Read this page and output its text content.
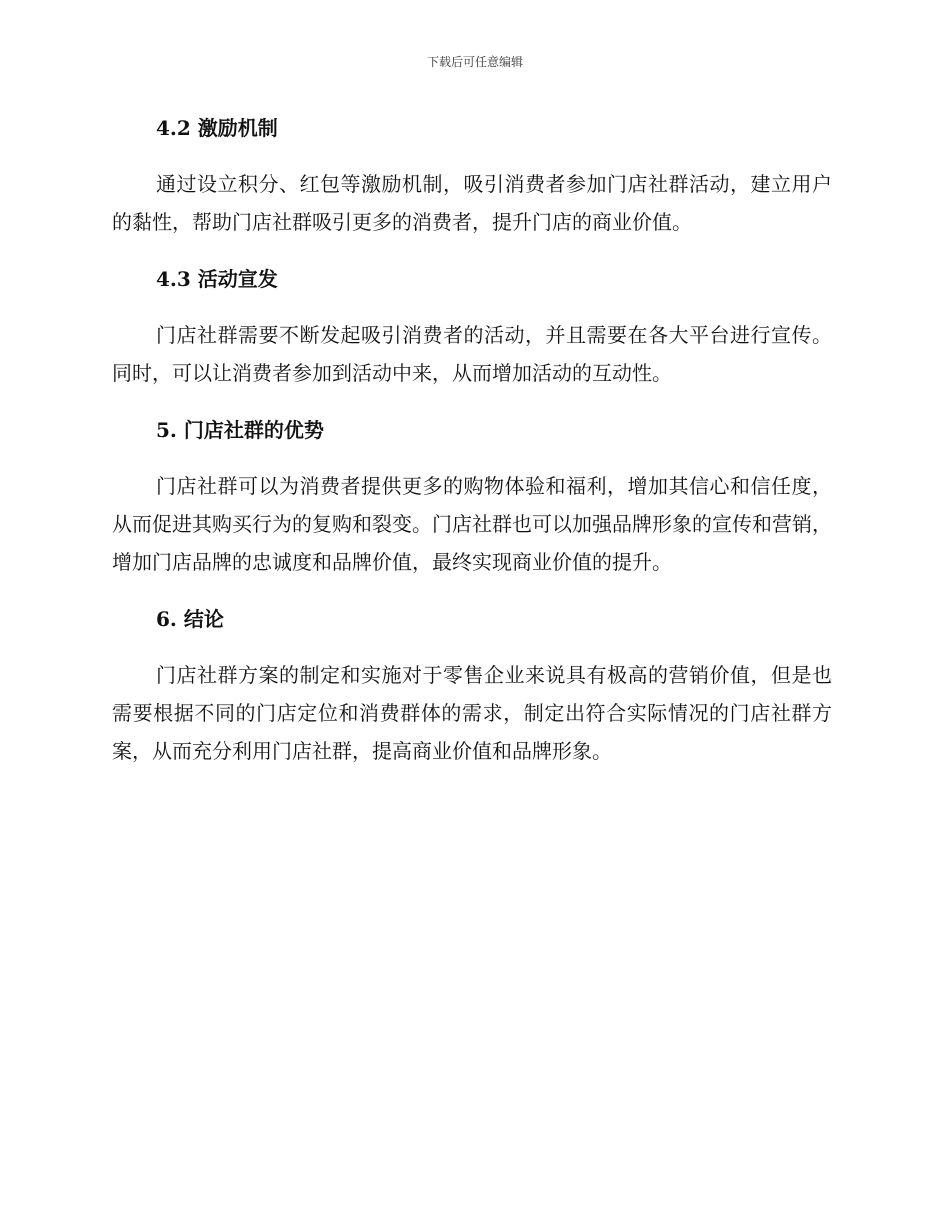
下载后可任意编辑
4.2 激励机制

通过设立积分、红包等激励机制，吸引消费者参加门店社群活动，建立用户的黏性，帮助门店社群吸引更多的消费者，提升门店的商业价值。

4.3 活动宣发

门店社群需要不断发起吸引消费者的活动，并且需要在各大平台进行宣传。同时，可以让消费者参加到活动中来，从而增加活动的互动性。

5. 门店社群的优势

门店社群可以为消费者提供更多的购物体验和福利，增加其信心和信任度，从而促进其购买行为的复购和裂变。门店社群也可以加强品牌形象的宣传和营销，增加门店品牌的忠诚度和品牌价值，最终实现商业价值的提升。

6. 结论

门店社群方案的制定和实施对于零售企业来说具有极高的营销价值，但是也需要根据不同的门店定位和消费群体的需求，制定出符合实际情况的门店社群方案，从而充分利用门店社群，提高商业价值和品牌形象。
